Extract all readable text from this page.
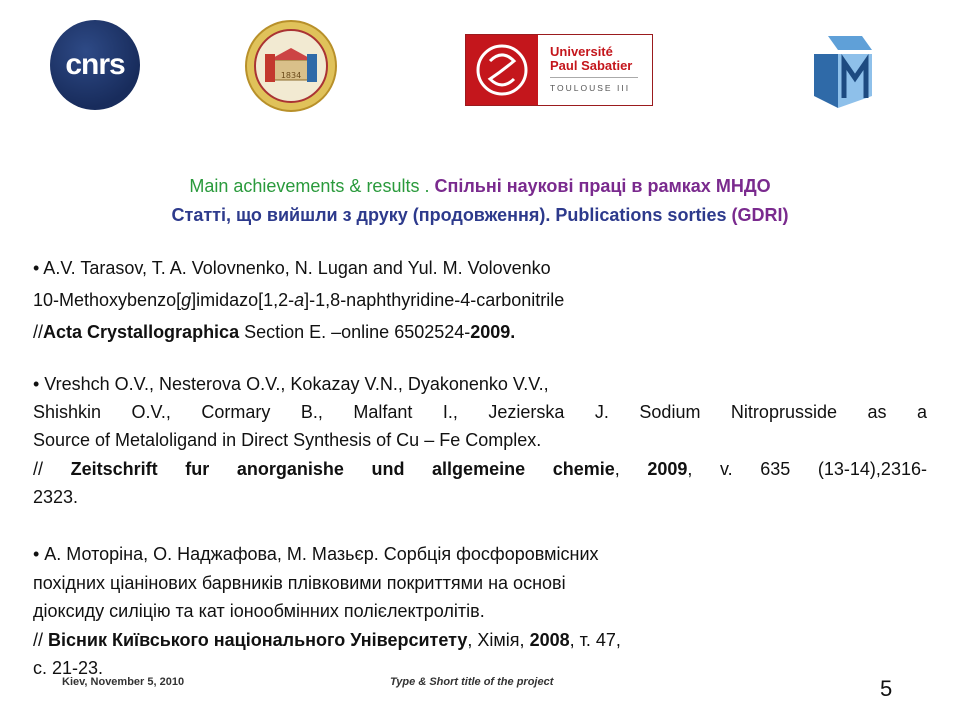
cnrs	1834
Université
Paul Sabatier
TOULOUSE III
Main achievements & results . Спільні наукові праці в рамках МНДО
Статті, що вийшли з друку (продовження). Publications sorties (GDRI)
• A.V. Tarasov, T. A. Volovnenko, N. Lugan and Yul. M. Volovenko
10-Methoxybenzo[g]imidazo[1,2-a]-1,8-naphthyridine-4-carbonitrile
//Acta Crystallographica Section E. –online 6502524-2009.
• Vreshch O.V., Nesterova O.V., Kokazay V.N., Dyakonenko V.V.,
Shishkin O.V., Cormary B., Malfant I., Jezierska J. Sodium Nitroprusside as a
Source of Metaloligand in Direct Synthesis of Cu – Fe Complex.
// Zeitschrift fur anorganishe und allgemeine chemie, 2009, v. 635 (13-14),2316-
2323.
• А. Моторіна, О. Наджафова, М. Мазьєр. Сорбція фосфоровмісних
похідних ціанінових барвників плівковими покриттями на основі
діоксиду силіцію та кат іонообмінних полієлектролітів.
// Вісник Київського національного Університету, Хімія, 2008, т. 47,
с. 21-23.
Kiev, November 5, 2010	Type & Short title of the project	5
